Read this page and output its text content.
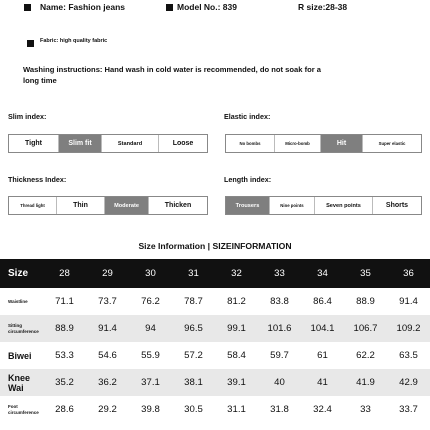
Name: Fashion jeans	Model No.: 839	R size:28-38
Fabric: high quality fabric
Washing instructions: Hand wash in cold water is recommended, do not soak for a long time
Slim index:
Tight	Slim fit	Standard	Loose
Elastic index:
No bombs	Micro-bomb	Hit	Super elastic
Thickness Index:
Thread light	Thin	Moderate	Thicken
Length index:
Trousers	Nine points	Seven points	Shorts
Size Information | SIZEINFORMATION
Size	28	29	30	31	32	33	34	35	36
Waistline	71.1	73.7	76.2	78.7	81.2	83.8	86.4	88.9	91.4
Sitting circumference	88.9	91.4	94	96.5	99.1	101.6	104.1	106.7	109.2
Biwei	53.3	54.6	55.9	57.2	58.4	59.7	61	62.2	63.5
Knee Wai	35.2	36.2	37.1	38.1	39.1	40	41	41.9	42.9
Foot circumference	28.6	29.2	39.8	30.5	31.1	31.8	32.4	33	33.7
